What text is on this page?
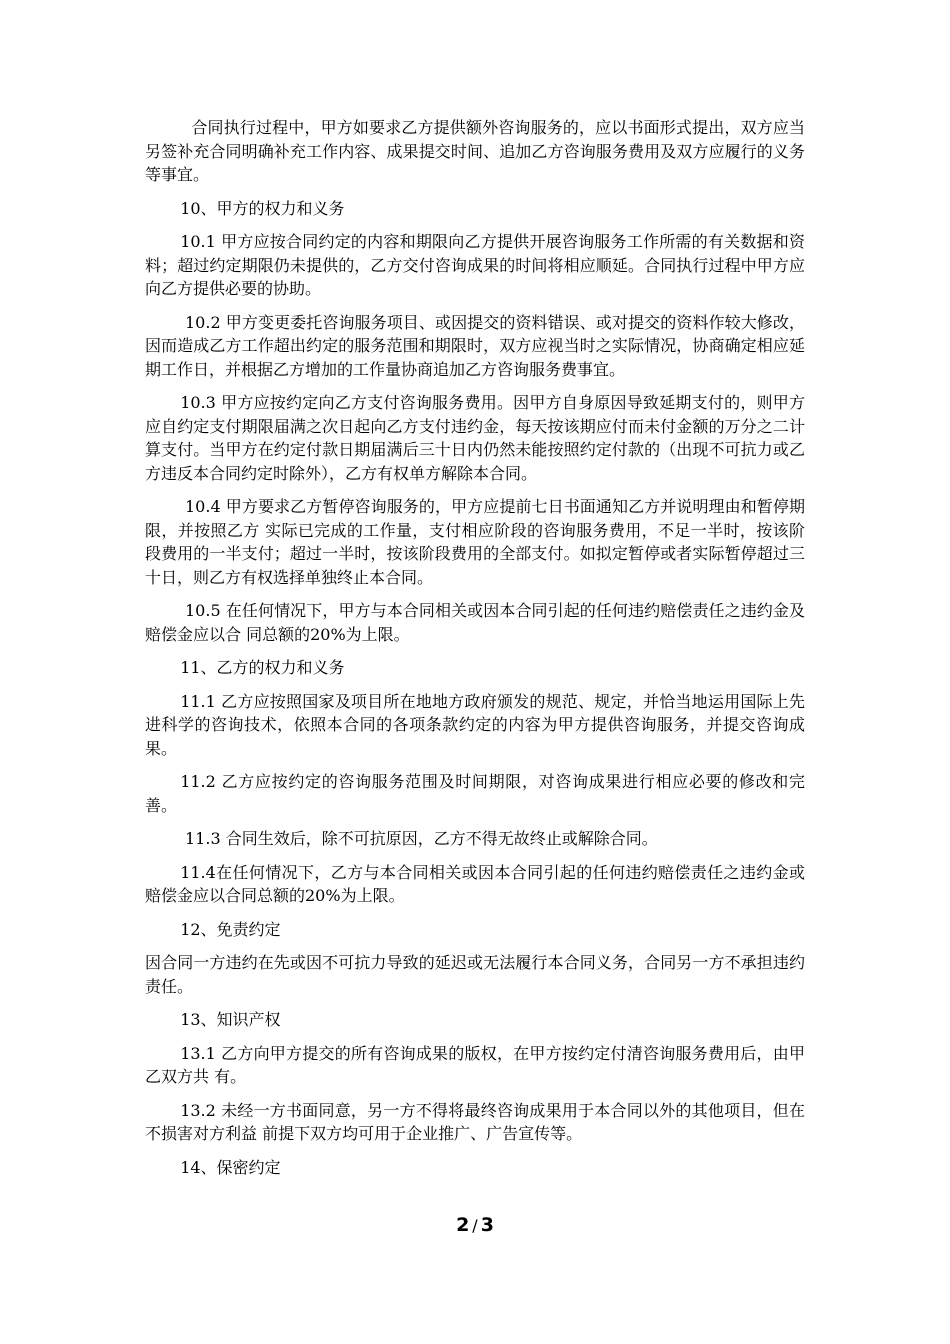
合同执行过程中，甲方如要求乙方提供额外咨询服务的，应以书面形式提出，双方应当另签补充合同明确补充工作内容、成果提交时间、追加乙方咨询服务费用及双方应履行的义务等事宜。

10、甲方的权力和义务

10.1 甲方应按合同约定的内容和期限向乙方提供开展咨询服务工作所需的有关数据和资料；超过约定期限仍未提供的，乙方交付咨询成果的时间将相应顺延。合同执行过程中甲方应向乙方提供必要的协助。

10.2 甲方变更委托咨询服务项目、或因提交的资料错误、或对提交的资料作较大修改，因而造成乙方工作超出约定的服务范围和期限时，双方应视当时之实际情况，协商确定相应延期工作日，并根据乙方增加的工作量协商追加乙方咨询服务费事宜。

10.3 甲方应按约定向乙方支付咨询服务费用。因甲方自身原因导致延期支付的，则甲方应自约定支付期限届满之次日起向乙方支付违约金，每天按该期应付而未付金额的万分之二计算支付。当甲方在约定付款日期届满后三十日内仍然未能按照约定付款的（出现不可抗力或乙方违反本合同约定时除外），乙方有权单方解除本合同。

10.4 甲方要求乙方暂停咨询服务的，甲方应提前七日书面通知乙方并说明理由和暂停期限，并按照乙方 实际已完成的工作量，支付相应阶段的咨询服务费用，不足一半时，按该阶段费用的一半支付；超过一半时，按该阶段费用的全部支付。如拟定暂停或者实际暂停超过三十日，则乙方有权选择单独终止本合同。

10.5 在任何情况下，甲方与本合同相关或因本合同引起的任何违约赔偿责任之违约金及赔偿金应以合 同总额的20%为上限。

11、乙方的权力和义务

11.1 乙方应按照国家及项目所在地地方政府颁发的规范、规定，并恰当地运用国际上先进科学的咨询技术，依照本合同的各项条款约定的内容为甲方提供咨询服务，并提交咨询成果。

11.2 乙方应按约定的咨询服务范围及时间期限，对咨询成果进行相应必要的修改和完善。

11.3 合同生效后，除不可抗原因，乙方不得无故终止或解除合同。

11.4在任何情况下，乙方与本合同相关或因本合同引起的任何违约赔偿责任之违约金或赔偿金应以合同总额的20%为上限。

12、免责约定

因合同一方违约在先或因不可抗力导致的延迟或无法履行本合同义务，合同另一方不承担违约责任。

13、知识产权

13.1 乙方向甲方提交的所有咨询成果的版权，在甲方按约定付清咨询服务费用后，由甲乙双方共 有。

13.2 未经一方书面同意，另一方不得将最终咨询成果用于本合同以外的其他项目，但在不损害对方利益 前提下双方均可用于企业推广、广告宣传等。

14、保密约定

2 / 3
